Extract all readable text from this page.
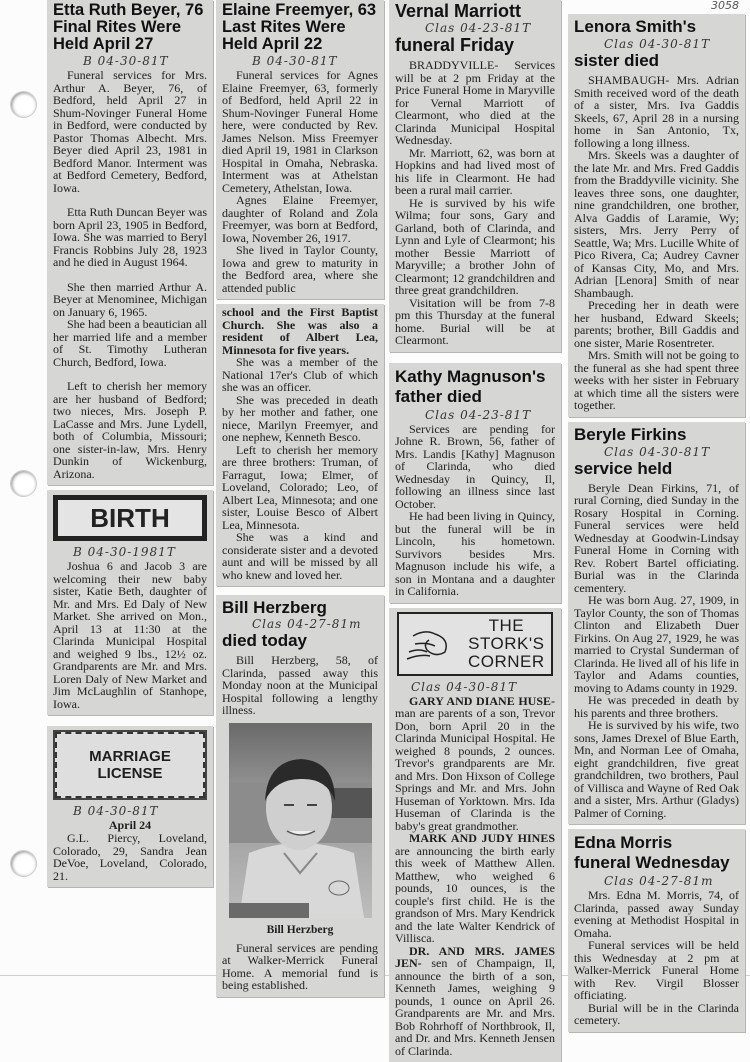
Etta Ruth Beyer, 76
Final Rites Were
Held April 27
B 04-30-81T

Funeral services for Mrs. Arthur A. Beyer, 76, of Bedford, held April 27 in Shum-Novinger Funeral Home in Bedford, were conducted by Pastor Thomas Albecht. Mrs. Beyer died April 23, 1981 in Bedford Manor. Interment was at Bedford Cemetery, Bedford, Iowa.

Etta Ruth Duncan Beyer was born April 23, 1905 in Bedford, Iowa. She was married to Beryl Francis Robbins July 28, 1923 and he died in August 1964.

She then married Arthur A. Beyer at Menominee, Michigan on January 6, 1965.

She had been a beautician all her married life and a member of St. Timothy Lutheran Church, Bedford, Iowa.

Left to cherish her memory are her husband of Bedford; two nieces, Mrs. Joseph P. LaCasse and Mrs. June Lydell, both of Columbia, Missouri; one sister-in-law, Mrs. Henry Dunkin of Wickenburg, Arizona.

BIRTH
B 04-30-1981T

Joshua 6 and Jacob 3 are welcoming their new baby sister, Katie Beth, daughter of Mr. and Mrs. Ed Daly of New Market. She arrived on Mon., April 13 at 11:30 at the Clarinda Municipal Hospital and weighed 9 lbs., 12½ oz. Grandparents are Mr. and Mrs. Loren Daly of New Market and Jim McLaughlin of Stanhope, Iowa.

MARRIAGE
LICENSE
B 04-30-81T
April 24

G.L. Piercy, Loveland, Colorado, 29, Sandra Jean DeVoe, Loveland, Colorado, 21.

Elaine Freemyer, 63
Last Rites Were
Held April 22
B 04-30-81T

Funeral services for Agnes Elaine Freemyer, 63, formerly of Bedford, held April 22 in Shum-Novinger Funeral Home here, were conducted by Rev. James Nelson. Miss Freemyer died April 19, 1981 in Clarkson Hospital in Omaha, Nebraska. Interment was at Athelstan Cemetery, Athelstan, Iowa.

Agnes Elaine Freemyer, daughter of Roland and Zola Freemyer, was born at Bedford, Iowa, November 26, 1917.

She lived in Taylor County, Iowa and grew to maturity in the Bedford area, where she attended public

school and the First Baptist Church. She was also a resident of Albert Lea, Minnesota for five years.

She was a member of the National 17er's Club of which she was an officer.

She was preceded in death by her mother and father, one niece, Marilyn Freemyer, and one nephew, Kenneth Besco.

Left to cherish her memory are three brothers: Truman, of Farragut, Iowa; Elmer, of Loveland, Colorado; Leo, of Albert Lea, Minnesota; and one sister, Louise Besco of Albert Lea, Minnesota.

She was a kind and considerate sister and a devoted aunt and will be missed by all who knew and loved her.

Bill Herzberg
Clas 04-27-81m
died today

Bill Herzberg, 58, of Clarinda, passed away this Monday noon at the Municipal Hospital following a lengthy illness.

Bill Herzberg

Funeral services are pending at Walker-Merrick Funeral Home. A memorial fund is being established.

Vernal Marriott
Clas 04-23-81T
funeral Friday

BRADDYVILLE- Services will be at 2 pm Friday at the Price Funeral Home in Maryville for Vernal Marriott of Clearmont, who died at the Clarinda Municipal Hospital Wednesday.

Mr. Marriott, 62, was born at Hopkins and had lived most of his life in Clearmont. He had been a rural mail carrier.

He is survived by his wife Wilma; four sons, Gary and Garland, both of Clarinda, and Lynn and Lyle of Clearmont; his mother Bessie Marriott of Maryville; a brother John of Clearmont; 12 grandchildren and three great grandchildren.

Visitation will be from 7-8 pm this Thursday at the funeral home. Burial will be at Clearmont.

Kathy Magnuson's
father died
Clas 04-23-81T

Services are pending for Johne R. Brown, 56, father of Mrs. Landis [Kathy] Magnuson of Clarinda, who died Wednesday in Quincy, Il, following an illness since last October.

He had been living in Quincy, but the funeral will be in Lincoln, his hometown. Survivors besides Mrs. Magnuson include his wife, a son in Montana and a daughter in California.

THE
STORK'S
CORNER
Clas 04-30-81T

GARY AND DIANE HUSE- man are parents of a son, Trevor Don, born April 20 in the Clarinda Municipal Hospital. He weighed 8 pounds, 2 ounces. Trevor's grandparents are Mr. and Mrs. Don Hixson of College Springs and Mr. and Mrs. John Huseman of Yorktown. Mrs. Ida Huseman of Clarinda is the baby's great grandmother.

MARK AND JUDY HINES are announcing the birth early this week of Matthew Allen. Matthew, who weighed 6 pounds, 10 ounces, is the couple's first child. He is the grandson of Mrs. Mary Kendrick and the late Walter Kendrick of Villisca.

DR. AND MRS. JAMES JEN- sen of Champaign, Il, announce the birth of a son, Kenneth James, weighing 9 pounds, 1 ounce on April 26. Grandparents are Mr. and Mrs. Bob Rohrhoff of Northbrook, Il, and Dr. and Mrs. Kenneth Jensen of Clarinda.

3058
Lenora Smith's
Clas 04-30-81T
sister died

SHAMBAUGH- Mrs. Adrian Smith received word of the death of a sister, Mrs. Iva Gaddis Skeels, 67, April 28 in a nursing home in San Antonio, Tx, following a long illness.

Mrs. Skeels was a daughter of the late Mr. and Mrs. Fred Gaddis from the Braddyville vicinity. She leaves three sons, one daughter, nine grandchildren, one brother, Alva Gaddis of Laramie, Wy; sisters, Mrs. Jerry Perry of Seattle, Wa; Mrs. Lucille White of Pico Rivera, Ca; Audrey Cavner of Kansas City, Mo, and Mrs. Adrian [Lenora] Smith of near Shambaugh.

Preceding her in death were her husband, Edward Skeels; parents; brother, Bill Gaddis and one sister, Marie Rosentreter.

Mrs. Smith will not be going to the funeral as she had spent three weeks with her sister in February at which time all the sisters were together.

Beryle Firkins
Clas 04-30-81T
service held

Beryle Dean Firkins, 71, of rural Corning, died Sunday in the Rosary Hospital in Corning. Funeral services were held Wednesday at Goodwin-Lindsay Funeral Home in Corning with Rev. Robert Bartel officiating. Burial was in the Clarinda cementery.

He was born Aug. 27, 1909, in Taylor County, the son of Thomas Clinton and Elizabeth Duer Firkins. On Aug 27, 1929, he was married to Crystal Sunderman of Clarinda. He lived all of his life in Taylor and Adams counties, moving to Adams county in 1929.

He was preceded in death by his parents and three brothers.

He is survived by his wife, two sons, James Drexel of Blue Earth, Mn, and Norman Lee of Omaha, eight grandchildren, five great grandchildren, two brothers, Paul of Villisca and Wayne of Red Oak and a sister, Mrs. Arthur (Gladys) Palmer of Corning.

Edna Morris
funeral Wednesday
Clas 04-27-81m

Mrs. Edna M. Morris, 74, of Clarinda, passed away Sunday evening at Methodist Hospital in Omaha.

Funeral services will be held this Wednesday at 2 pm at Walker-Merrick Funeral Home with Rev. Virgil Blosser officiating.

Burial will be in the Clarinda cemetery.
